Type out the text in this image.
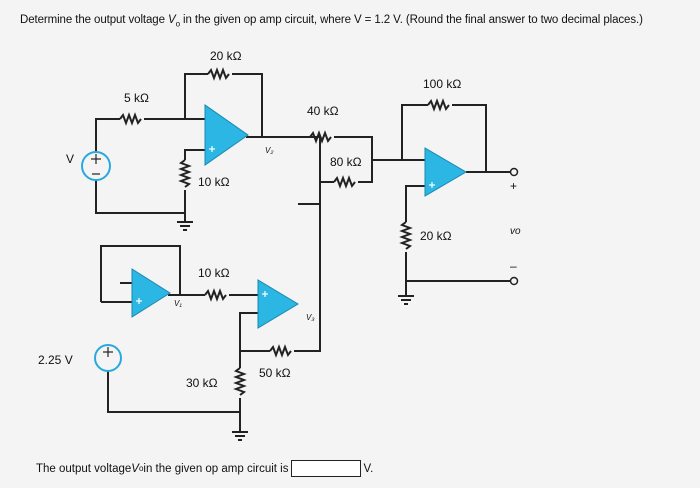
Determine the output voltage $V_o$ in the given op amp circuit, where V = 1.2 V. (Round the final answer to two decimal places.)
20 kΩ
5 kΩ
10 kΩ
40 kΩ
80 kΩ
100 kΩ
20 kΩ
10 kΩ
50 kΩ
30 kΩ
V
2.25 V
V₂
V₁
V₃
vo
+
–
The output voltage V o in the given op amp circuit is	V.
